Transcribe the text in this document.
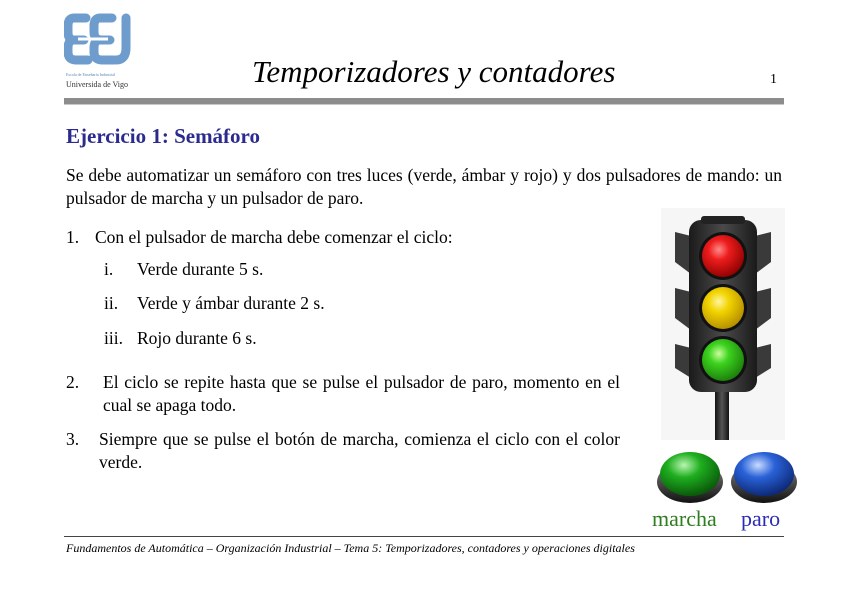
Escola de Enxeñaría Industrial
Universida de Vigo	Temporizadores y contadores	1
Ejercicio 1: Semáforo
Se debe automatizar un semáforo con tres luces (verde, ámbar y rojo) y dos pulsadores de mando: un pulsador de marcha y un pulsador de paro.
1. Con el pulsador de marcha debe comenzar el ciclo:
i. Verde durante 5 s.
ii. Verde y ámbar durante 2 s.
iii. Rojo durante 6 s.
2. El ciclo se repite hasta que se pulse el pulsador de paro, momento en el cual se apaga todo.
3. Siempre que se pulse el botón de marcha, comienza el ciclo con el color verde.
marcha paro
Fundamentos de Automática – Organización Industrial – Tema 5: Temporizadores, contadores y operaciones digitales
